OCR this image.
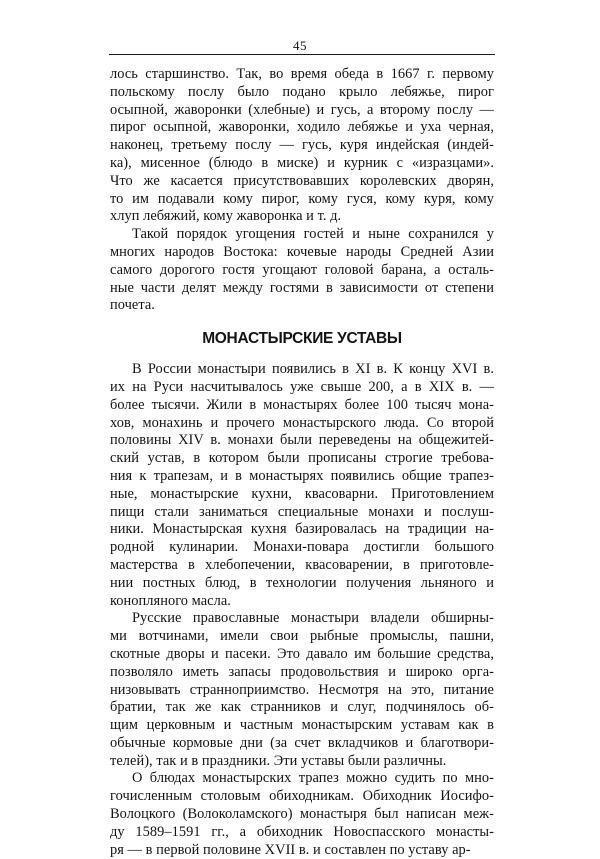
45
лось старшинство. Так, во время обеда в 1667 г. первому
польскому послу было подано крыло лебяжье, пирог
осыпной, жаворонки (хлебные) и гусь, а второму послу —
пирог осыпной, жаворонки, ходило лебяжье и уха черная,
наконец, третьему послу — гусь, куря индейская (индей-
ка), мисенное (блюдо в миске) и курник с «изразцами».
Что же касается присутствовавших королевских дворян,
то им подавали кому пирог, кому гуся, кому куря, кому
хлуп лебяжий, кому жаворонка и т. д.
Такой порядок угощения гостей и ныне сохранился у
многих народов Востока: кочевые народы Средней Азии
самого дорогого гостя угощают головой барана, а осталь-
ные части делят между гостями в зависимости от степени
почета.
МОНАСТЫРСКИЕ УСТАВЫ
В России монастыри появились в XI в. К концу XVI в.
их на Руси насчитывалось уже свыше 200, а в XIX в. —
более тысячи. Жили в монастырях более 100 тысяч мона-
хов, монахинь и прочего монастырского люда. Со второй
половины XIV в. монахи были переведены на общежитей-
ский устав, в котором были прописаны строгие требова-
ния к трапезам, и в монастырях появились общие трапез-
ные, монастырские кухни, квасоварни. Приготовлением
пищи стали заниматься специальные монахи и послуш-
ники. Монастырская кухня базировалась на традиции на-
родной кулинарии. Монахи-повара достигли большого
мастерства в хлебопечении, квасоварении, в приготовле-
нии постных блюд, в технологии получения льняного и
конопляного масла.
Русские православные монастыри владели обширны-
ми вотчинами, имели свои рыбные промыслы, пашни,
скотные дворы и пасеки. Это давало им большие средства,
позволяло иметь запасы продовольствия и широко орга-
низовывать странноприимство. Несмотря на это, питание
братии, так же как странников и слуг, подчинялось об-
щим церковным и частным монастырским уставам как в
обычные кормовые дни (за счет вкладчиков и благотвори-
телей), так и в праздники. Эти уставы были различны.
О блюдах монастырских трапез можно судить по мно-
гочисленным столовым обиходникам. Обиходник Иосифо-
Волоцкого (Волоколамского) монастыря был написан меж-
ду 1589–1591 гг., а обиходник Новоспасского монасты-
ря — в первой половине XVII в. и составлен по уставу ар-
